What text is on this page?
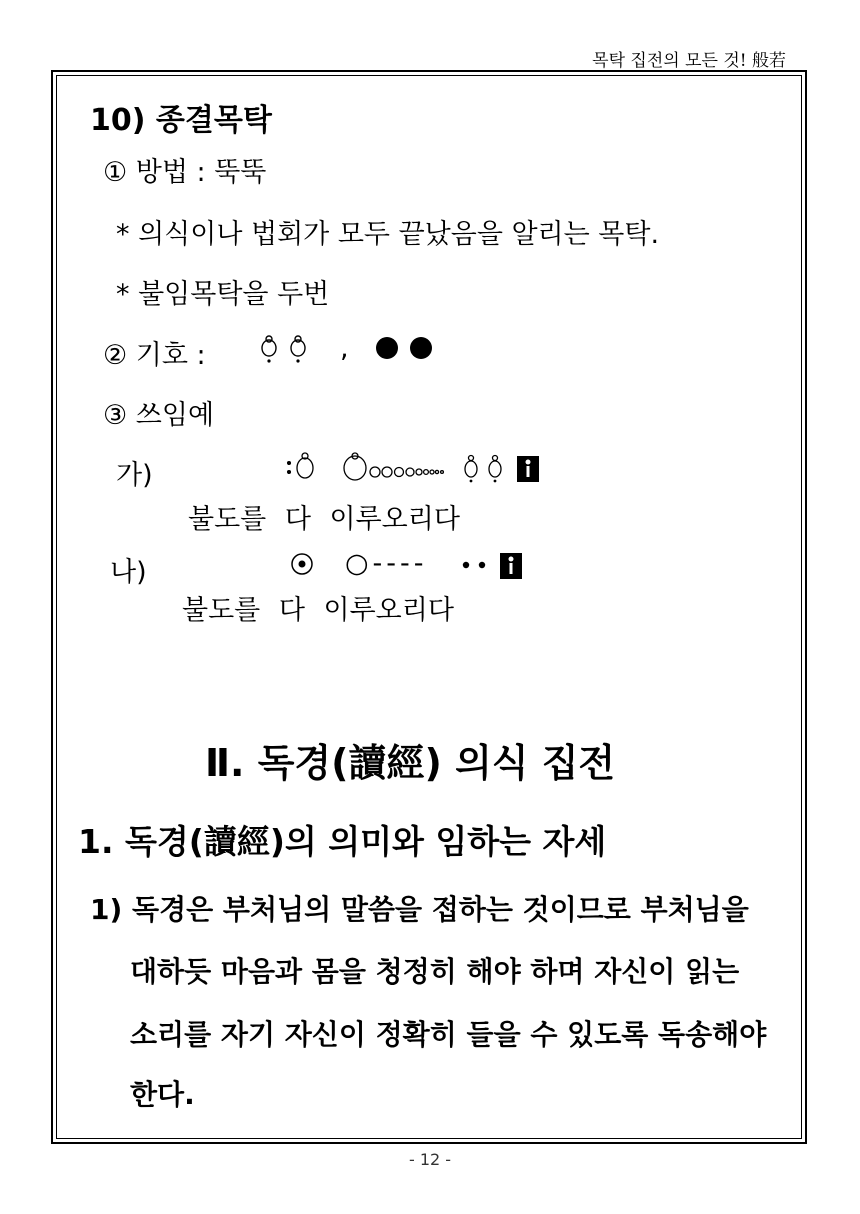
목탁 집전의 모든 것! 般若
10) 종결목탁
① 방법 : 뚝뚝
* 의식이나 법회가 모두 끝났음을 알리는 목탁.
* 불임목탁을 두번
② 기호 :	,
③ 쓰임예
가)
불도를 다 이루오리다
나)	○----
불도를 다 이루오리다
Ⅱ. 독경(讀經) 의식 집전
1. 독경(讀經)의 의미와 임하는 자세
1) 독경은 부처님의 말씀을 접하는 것이므로 부처님을
대하듯 마음과 몸을 청정히 해야 하며 자신이 읽는
소리를 자기 자신이 정확히 들을 수 있도록 독송해야
한다.
- 12 -
